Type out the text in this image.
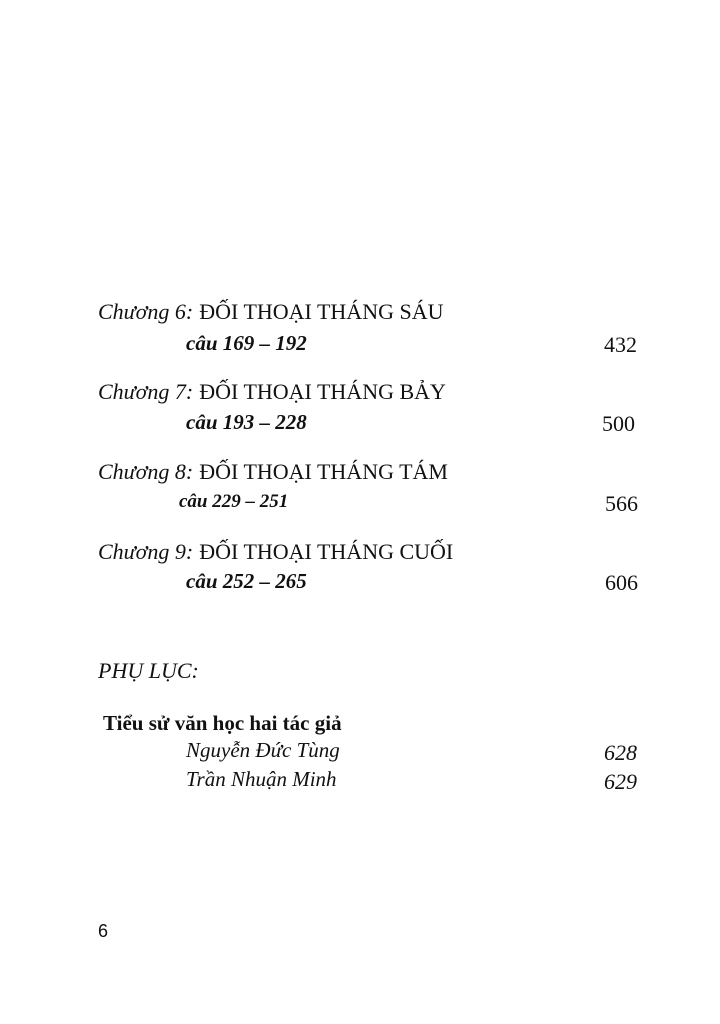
Chương 6: ĐỐI THOẠI THÁNG SÁU
câu 169 – 192	432
Chương 7: ĐỐI THOẠI THÁNG BẢY
câu 193 – 228	500
Chương 8: ĐỐI THOẠI THÁNG TÁM
câu 229 – 251	566
Chương 9: ĐỐI THOẠI THÁNG CUỐI
câu 252 – 265	606
PHỤ LỤC:
Tiểu sử văn học hai tác giả
Nguyễn Đức Tùng	628
Trần Nhuận Minh	629
6
